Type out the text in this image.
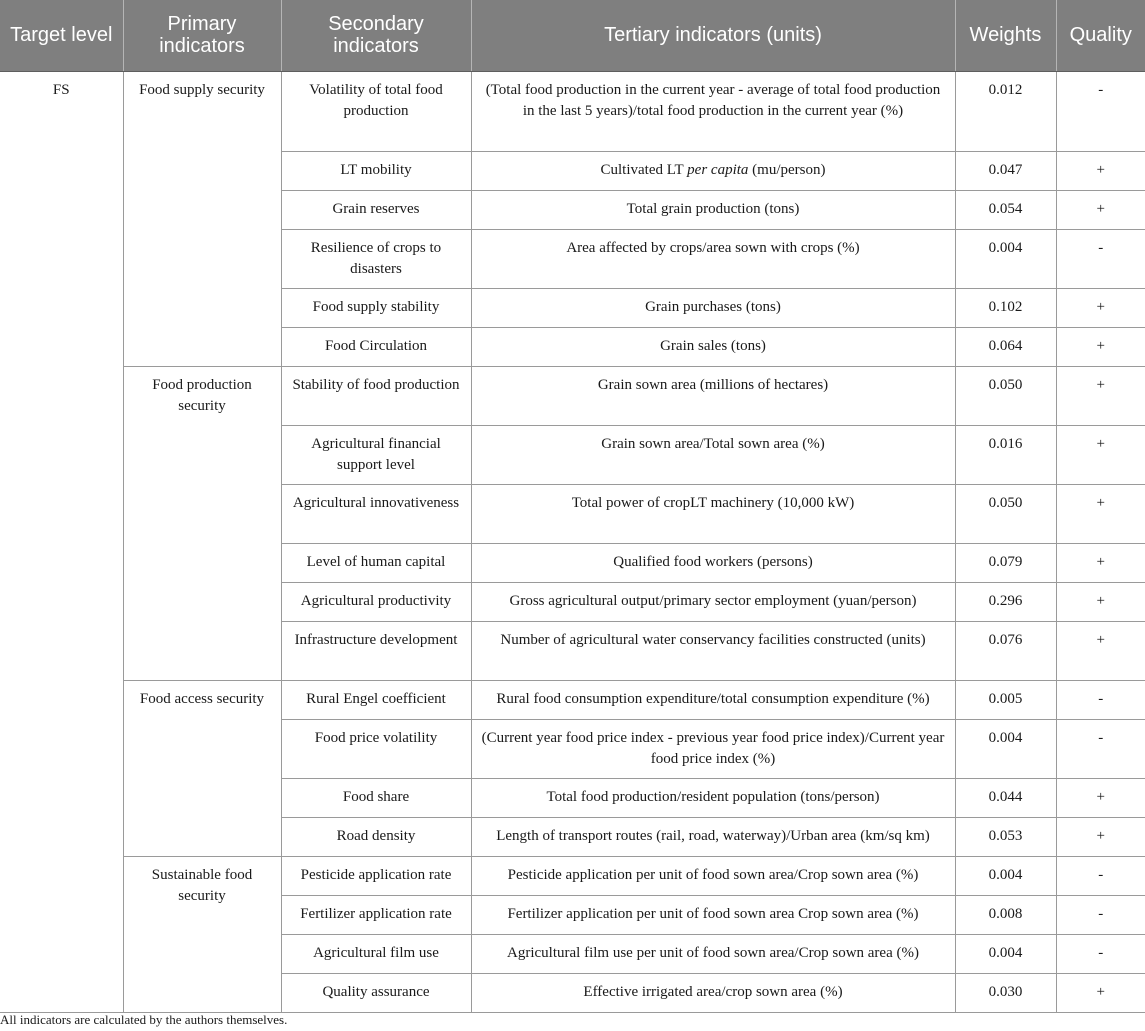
Target level	Primary indicators	Secondary indicators	Tertiary indicators (units)	Weights	Quality
FS	Food supply security	Volatility of total food production	(Total food production in the current year - average of total food production in the last 5 years)/total food production in the current year (%)	0.012	-
		LT mobility	Cultivated LT per capita (mu/person)	0.047	+
		Grain reserves	Total grain production (tons)	0.054	+
		Resilience of crops to disasters	Area affected by crops/area sown with crops (%)	0.004	-
		Food supply stability	Grain purchases (tons)	0.102	+
		Food Circulation	Grain sales (tons)	0.064	+
	Food production security	Stability of food production	Grain sown area (millions of hectares)	0.050	+
		Agricultural financial support level	Grain sown area/Total sown area (%)	0.016	+
		Agricultural innovativeness	Total power of cropLT machinery (10,000 kW)	0.050	+
		Level of human capital	Qualified food workers (persons)	0.079	+
		Agricultural productivity	Gross agricultural output/primary sector employment (yuan/person)	0.296	+
		Infrastructure development	Number of agricultural water conservancy facilities constructed (units)	0.076	+
	Food access security	Rural Engel coefficient	Rural food consumption expenditure/total consumption expenditure (%)	0.005	-
		Food price volatility	(Current year food price index - previous year food price index)/Current year food price index (%)	0.004	-
		Food share	Total food production/resident population (tons/person)	0.044	+
		Road density	Length of transport routes (rail, road, waterway)/Urban area (km/sq km)	0.053	+
	Sustainable food security	Pesticide application rate	Pesticide application per unit of food sown area/Crop sown area (%)	0.004	-
		Fertilizer application rate	Fertilizer application per unit of food sown area Crop sown area (%)	0.008	-
		Agricultural film use	Agricultural film use per unit of food sown area/Crop sown area (%)	0.004	-
		Quality assurance	Effective irrigated area/crop sown area (%)	0.030	+
All indicators are calculated by the authors themselves.
